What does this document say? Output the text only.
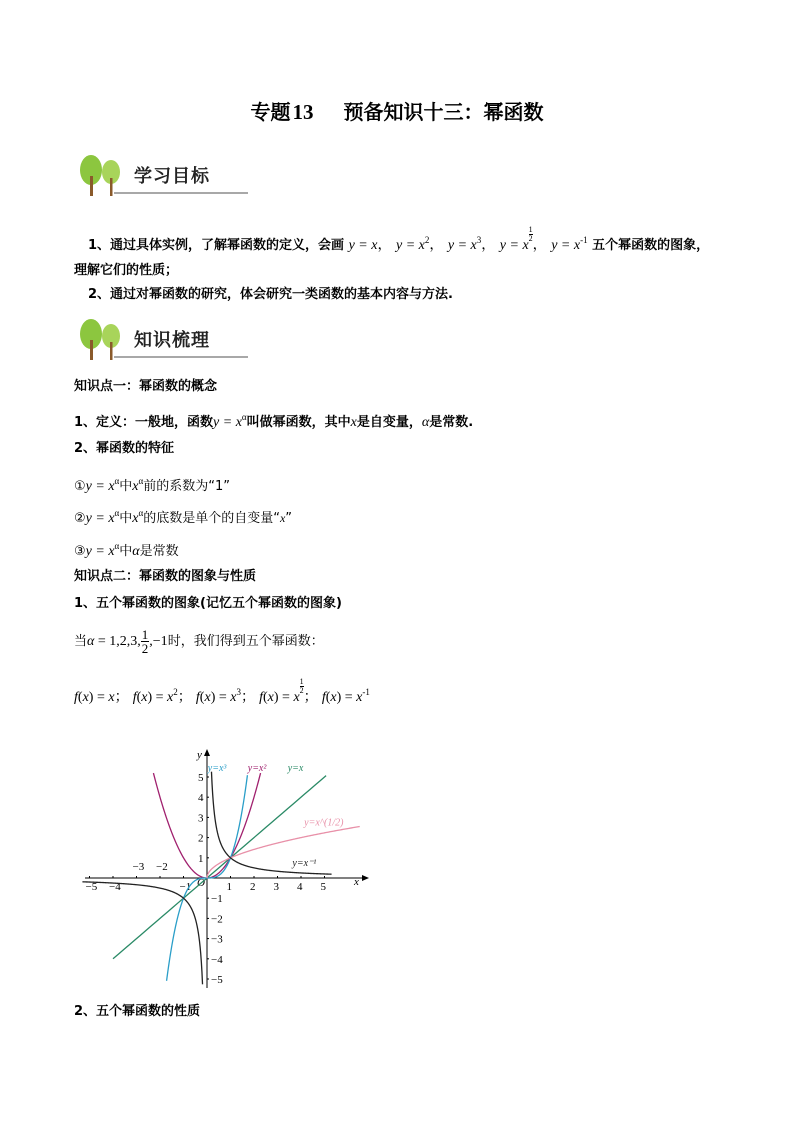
专题13 预备知识十三：幂函数
学习目标
1、通过具体实例，了解幂函数的定义，会画 y = x， $y = x^2$， $y = x^3$， y = x
$\frac{1}{2}$， $y = x^{-1}$ 五个幂函数的图象，
理解它们的性质；
2、通过对幂函数的研究，体会研究一类函数的基本内容与方法.
知识梳理
知识点一：幂函数的概念
1、定义：一般地，函数$y = x^\alpha$叫做幂函数，其中x是自变量，α是常数.
2、幂函数的特征
①y = $x^\alpha$中$x^\alpha$前的系数为“1”
②y = $x^\alpha$中$x^\alpha$的底数是单个的自变量“x”
③y = $x^\alpha$中α是常数
知识点二：幂函数的图象与性质
1、五个幂函数的图象(记忆五个幂函数的图象)
当α = 1,2,3, $\frac{1}{2} ,-1$时，我们得到五个幂函数：
f(x) = x； $f(x) = x^2$； $f(x) = x^3$； f(x) = x
$\frac{1}{2}$； $f(x) = x^{-1}$
x
y
O
−5 −4
−3 −2
−1	1 2 3 4 5
−5
−4
−3
−2
−1
1
2
3
4
5
y=x
y=x²
y=x³
y=x^(1/2)
y=x⁻¹
2、五个幂函数的性质
